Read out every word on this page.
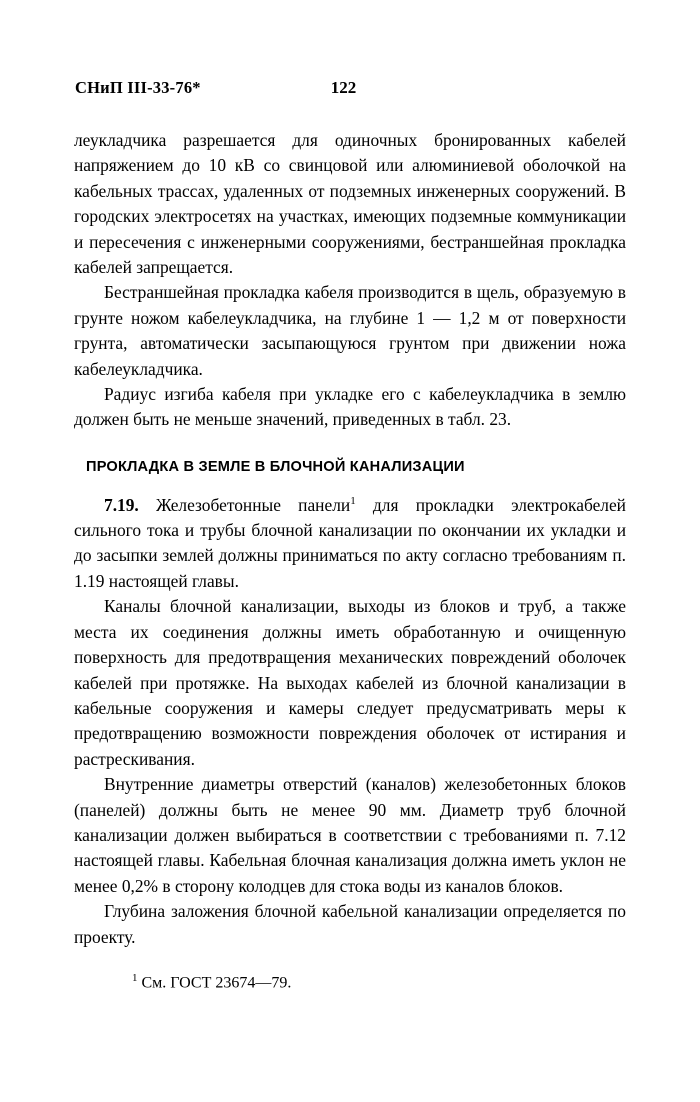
СНиП III-33-76*	122

леукладчика разрешается для одиночных бронированных кабелей напряжением до 10 кВ со свинцовой или алюминиевой оболочкой на кабельных трассах, удаленных от подземных инженерных сооружений. В городских электросетях на участках, имеющих подземные коммуникации и пересечения с инженерными сооружениями, бестраншейная прокладка кабелей запрещается.

Бестраншейная прокладка кабеля производится в щель, образуемую в грунте ножом кабелеукладчика, на глубине 1 — 1,2 м от поверхности грунта, автоматически засыпающуюся грунтом при движении ножа кабелеукладчика.

Радиус изгиба кабеля при укладке его с кабелеукладчика в землю должен быть не меньше значений, приведенных в табл. 23.

ПРОКЛАДКА В ЗЕМЛЕ В БЛОЧНОЙ КАНАЛИЗАЦИИ

7.19. Железобетонные панели$^1$ для прокладки электрокабелей сильного тока и трубы блочной канализации по окончании их укладки и до засыпки землей должны приниматься по акту согласно требованиям п. 1.19 настоящей главы.

Каналы блочной канализации, выходы из блоков и труб, а также места их соединения должны иметь обработанную и очищенную поверхность для предотвращения механических повреждений оболочек кабелей при протяжке. На выходах кабелей из блочной канализации в кабельные сооружения и камеры следует предусматривать меры к предотвращению возможности повреждения оболочек от истирания и растрескивания.

Внутренние диаметры отверстий (каналов) железобетонных блоков (панелей) должны быть не менее 90 мм. Диаметр труб блочной канализации должен выбираться в соответствии с требованиями п. 7.12 настоящей главы. Кабельная блочная канализация должна иметь уклон не менее 0,2% в сторону колодцев для стока воды из каналов блоков.

Глубина заложения блочной кабельной канализации определяется по проекту.

$^1$ См. ГОСТ 23674—79.
